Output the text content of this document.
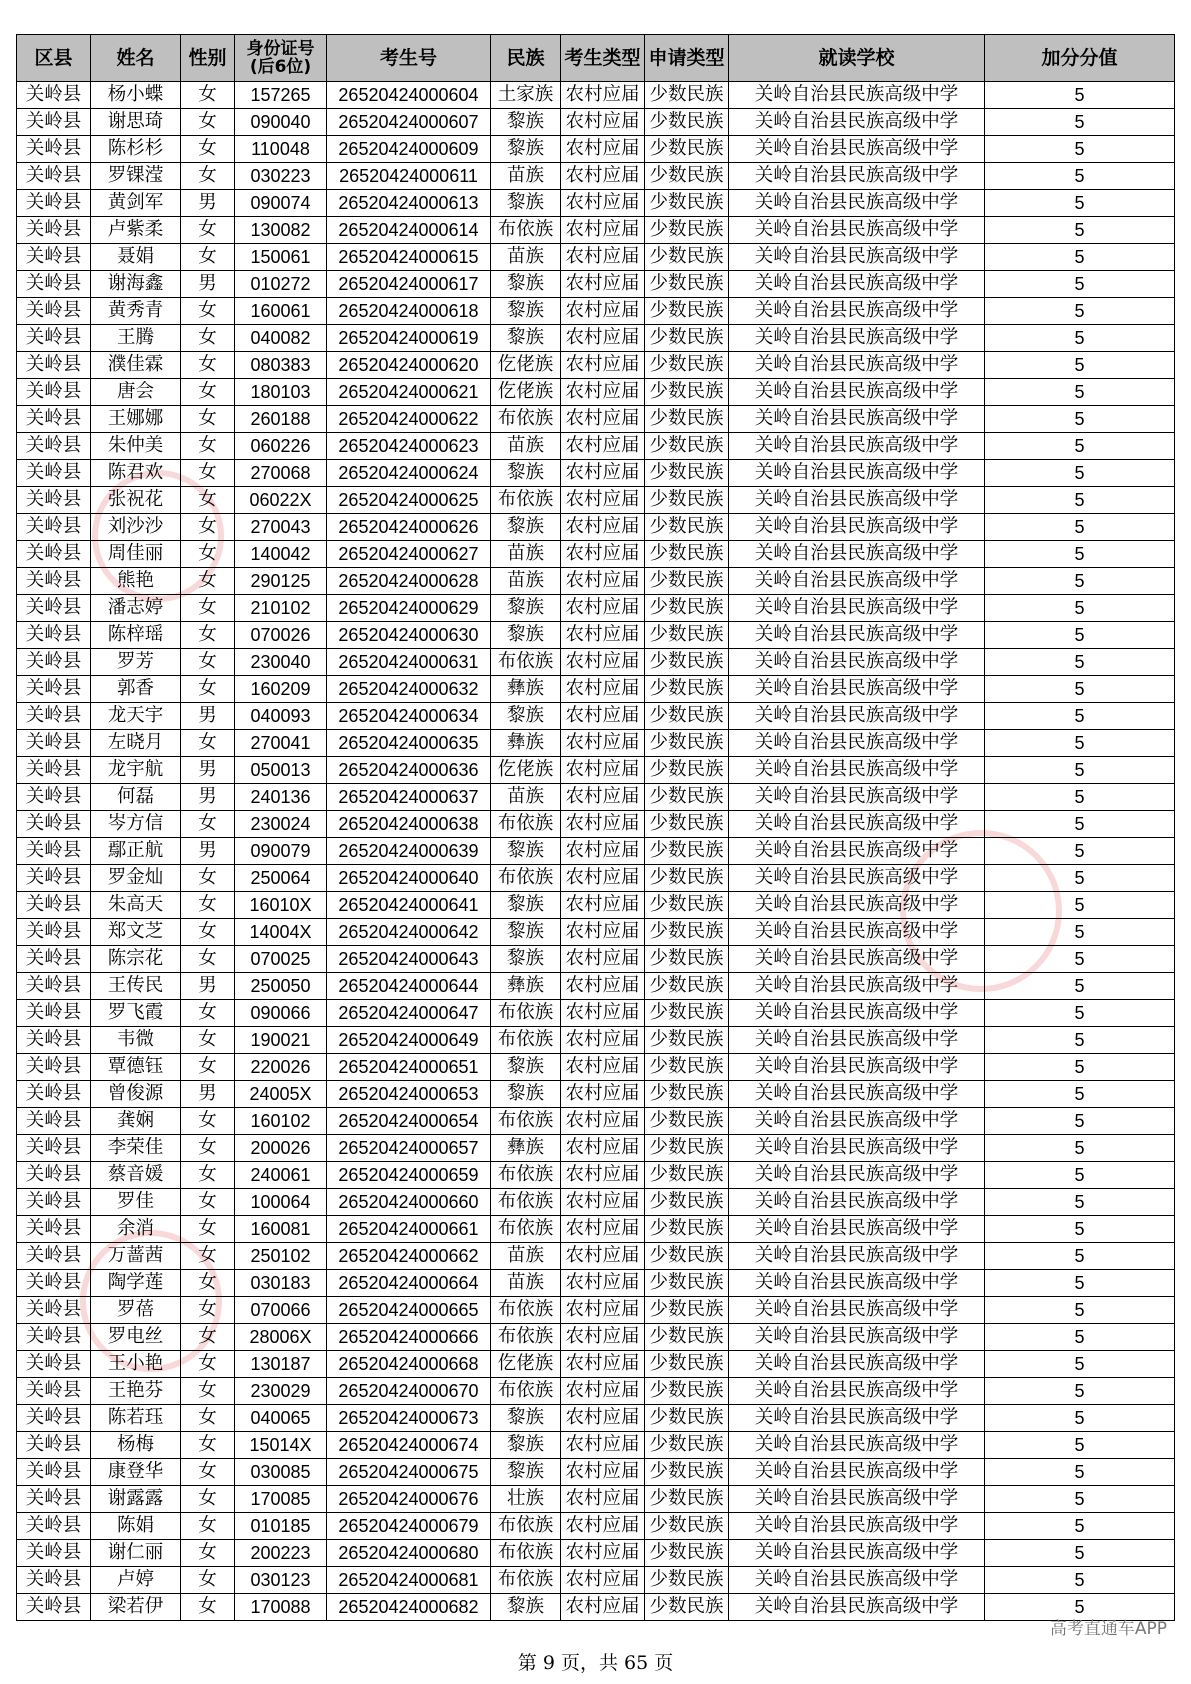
区县	姓名	性别	身份证号
(后6位)	考生号	民族	考生类型	申请类型	就读学校	加分分值
关岭县	杨小蝶	女	157265	26520424000604	土家族	农村应届	少数民族	关岭自治县民族高级中学	5
关岭县	谢思琦	女	090040	26520424000607	黎族	农村应届	少数民族	关岭自治县民族高级中学	5
关岭县	陈杉杉	女	110048	26520424000609	黎族	农村应届	少数民族	关岭自治县民族高级中学	5
关岭县	罗锞滢	女	030223	26520424000611	苗族	农村应届	少数民族	关岭自治县民族高级中学	5
关岭县	黄剑军	男	090074	26520424000613	黎族	农村应届	少数民族	关岭自治县民族高级中学	5
关岭县	卢紫柔	女	130082	26520424000614	布依族	农村应届	少数民族	关岭自治县民族高级中学	5
关岭县	聂娟	女	150061	26520424000615	苗族	农村应届	少数民族	关岭自治县民族高级中学	5
关岭县	谢海鑫	男	010272	26520424000617	黎族	农村应届	少数民族	关岭自治县民族高级中学	5
关岭县	黄秀青	女	160061	26520424000618	黎族	农村应届	少数民族	关岭自治县民族高级中学	5
关岭县	王腾	女	040082	26520424000619	黎族	农村应届	少数民族	关岭自治县民族高级中学	5
关岭县	濮佳霖	女	080383	26520424000620	仡佬族	农村应届	少数民族	关岭自治县民族高级中学	5
关岭县	唐会	女	180103	26520424000621	仡佬族	农村应届	少数民族	关岭自治县民族高级中学	5
关岭县	王娜娜	女	260188	26520424000622	布依族	农村应届	少数民族	关岭自治县民族高级中学	5
关岭县	朱仲美	女	060226	26520424000623	苗族	农村应届	少数民族	关岭自治县民族高级中学	5
关岭县	陈君欢	女	270068	26520424000624	黎族	农村应届	少数民族	关岭自治县民族高级中学	5
关岭县	张祝花	女	06022X	26520424000625	布依族	农村应届	少数民族	关岭自治县民族高级中学	5
关岭县	刘沙沙	女	270043	26520424000626	黎族	农村应届	少数民族	关岭自治县民族高级中学	5
关岭县	周佳丽	女	140042	26520424000627	苗族	农村应届	少数民族	关岭自治县民族高级中学	5
关岭县	熊艳	女	290125	26520424000628	苗族	农村应届	少数民族	关岭自治县民族高级中学	5
关岭县	潘志婷	女	210102	26520424000629	黎族	农村应届	少数民族	关岭自治县民族高级中学	5
关岭县	陈梓瑶	女	070026	26520424000630	黎族	农村应届	少数民族	关岭自治县民族高级中学	5
关岭县	罗芳	女	230040	26520424000631	布依族	农村应届	少数民族	关岭自治县民族高级中学	5
关岭县	郭香	女	160209	26520424000632	彝族	农村应届	少数民族	关岭自治县民族高级中学	5
关岭县	龙天宇	男	040093	26520424000634	黎族	农村应届	少数民族	关岭自治县民族高级中学	5
关岭县	左晓月	女	270041	26520424000635	彝族	农村应届	少数民族	关岭自治县民族高级中学	5
关岭县	龙宇航	男	050013	26520424000636	仡佬族	农村应届	少数民族	关岭自治县民族高级中学	5
关岭县	何磊	男	240136	26520424000637	苗族	农村应届	少数民族	关岭自治县民族高级中学	5
关岭县	岑方信	女	230024	26520424000638	布依族	农村应届	少数民族	关岭自治县民族高级中学	5
关岭县	鄢正航	男	090079	26520424000639	黎族	农村应届	少数民族	关岭自治县民族高级中学	5
关岭县	罗金灿	女	250064	26520424000640	布依族	农村应届	少数民族	关岭自治县民族高级中学	5
关岭县	朱高天	女	16010X	26520424000641	黎族	农村应届	少数民族	关岭自治县民族高级中学	5
关岭县	郑文芝	女	14004X	26520424000642	黎族	农村应届	少数民族	关岭自治县民族高级中学	5
关岭县	陈宗花	女	070025	26520424000643	黎族	农村应届	少数民族	关岭自治县民族高级中学	5
关岭县	王传民	男	250050	26520424000644	彝族	农村应届	少数民族	关岭自治县民族高级中学	5
关岭县	罗飞霞	女	090066	26520424000647	布依族	农村应届	少数民族	关岭自治县民族高级中学	5
关岭县	韦微	女	190021	26520424000649	布依族	农村应届	少数民族	关岭自治县民族高级中学	5
关岭县	覃德钰	女	220026	26520424000651	黎族	农村应届	少数民族	关岭自治县民族高级中学	5
关岭县	曾俊源	男	24005X	26520424000653	黎族	农村应届	少数民族	关岭自治县民族高级中学	5
关岭县	龚娴	女	160102	26520424000654	布依族	农村应届	少数民族	关岭自治县民族高级中学	5
关岭县	李荣佳	女	200026	26520424000657	彝族	农村应届	少数民族	关岭自治县民族高级中学	5
关岭县	蔡音媛	女	240061	26520424000659	布依族	农村应届	少数民族	关岭自治县民族高级中学	5
关岭县	罗佳	女	100064	26520424000660	布依族	农村应届	少数民族	关岭自治县民族高级中学	5
关岭县	余消	女	160081	26520424000661	布依族	农村应届	少数民族	关岭自治县民族高级中学	5
关岭县	万蔷茜	女	250102	26520424000662	苗族	农村应届	少数民族	关岭自治县民族高级中学	5
关岭县	陶学莲	女	030183	26520424000664	苗族	农村应届	少数民族	关岭自治县民族高级中学	5
关岭县	罗蓓	女	070066	26520424000665	布依族	农村应届	少数民族	关岭自治县民族高级中学	5
关岭县	罗电丝	女	28006X	26520424000666	布依族	农村应届	少数民族	关岭自治县民族高级中学	5
关岭县	王小艳	女	130187	26520424000668	仡佬族	农村应届	少数民族	关岭自治县民族高级中学	5
关岭县	王艳芬	女	230029	26520424000670	布依族	农村应届	少数民族	关岭自治县民族高级中学	5
关岭县	陈若珏	女	040065	26520424000673	黎族	农村应届	少数民族	关岭自治县民族高级中学	5
关岭县	杨梅	女	15014X	26520424000674	黎族	农村应届	少数民族	关岭自治县民族高级中学	5
关岭县	康登华	女	030085	26520424000675	黎族	农村应届	少数民族	关岭自治县民族高级中学	5
关岭县	谢露露	女	170085	26520424000676	壮族	农村应届	少数民族	关岭自治县民族高级中学	5
关岭县	陈娟	女	010185	26520424000679	布依族	农村应届	少数民族	关岭自治县民族高级中学	5
关岭县	谢仁丽	女	200223	26520424000680	布依族	农村应届	少数民族	关岭自治县民族高级中学	5
关岭县	卢婷	女	030123	26520424000681	布依族	农村应届	少数民族	关岭自治县民族高级中学	5
关岭县	梁若伊	女	170088	26520424000682	黎族	农村应届	少数民族	关岭自治县民族高级中学	5
高考直通车APP
第 9 页，共 65 页
